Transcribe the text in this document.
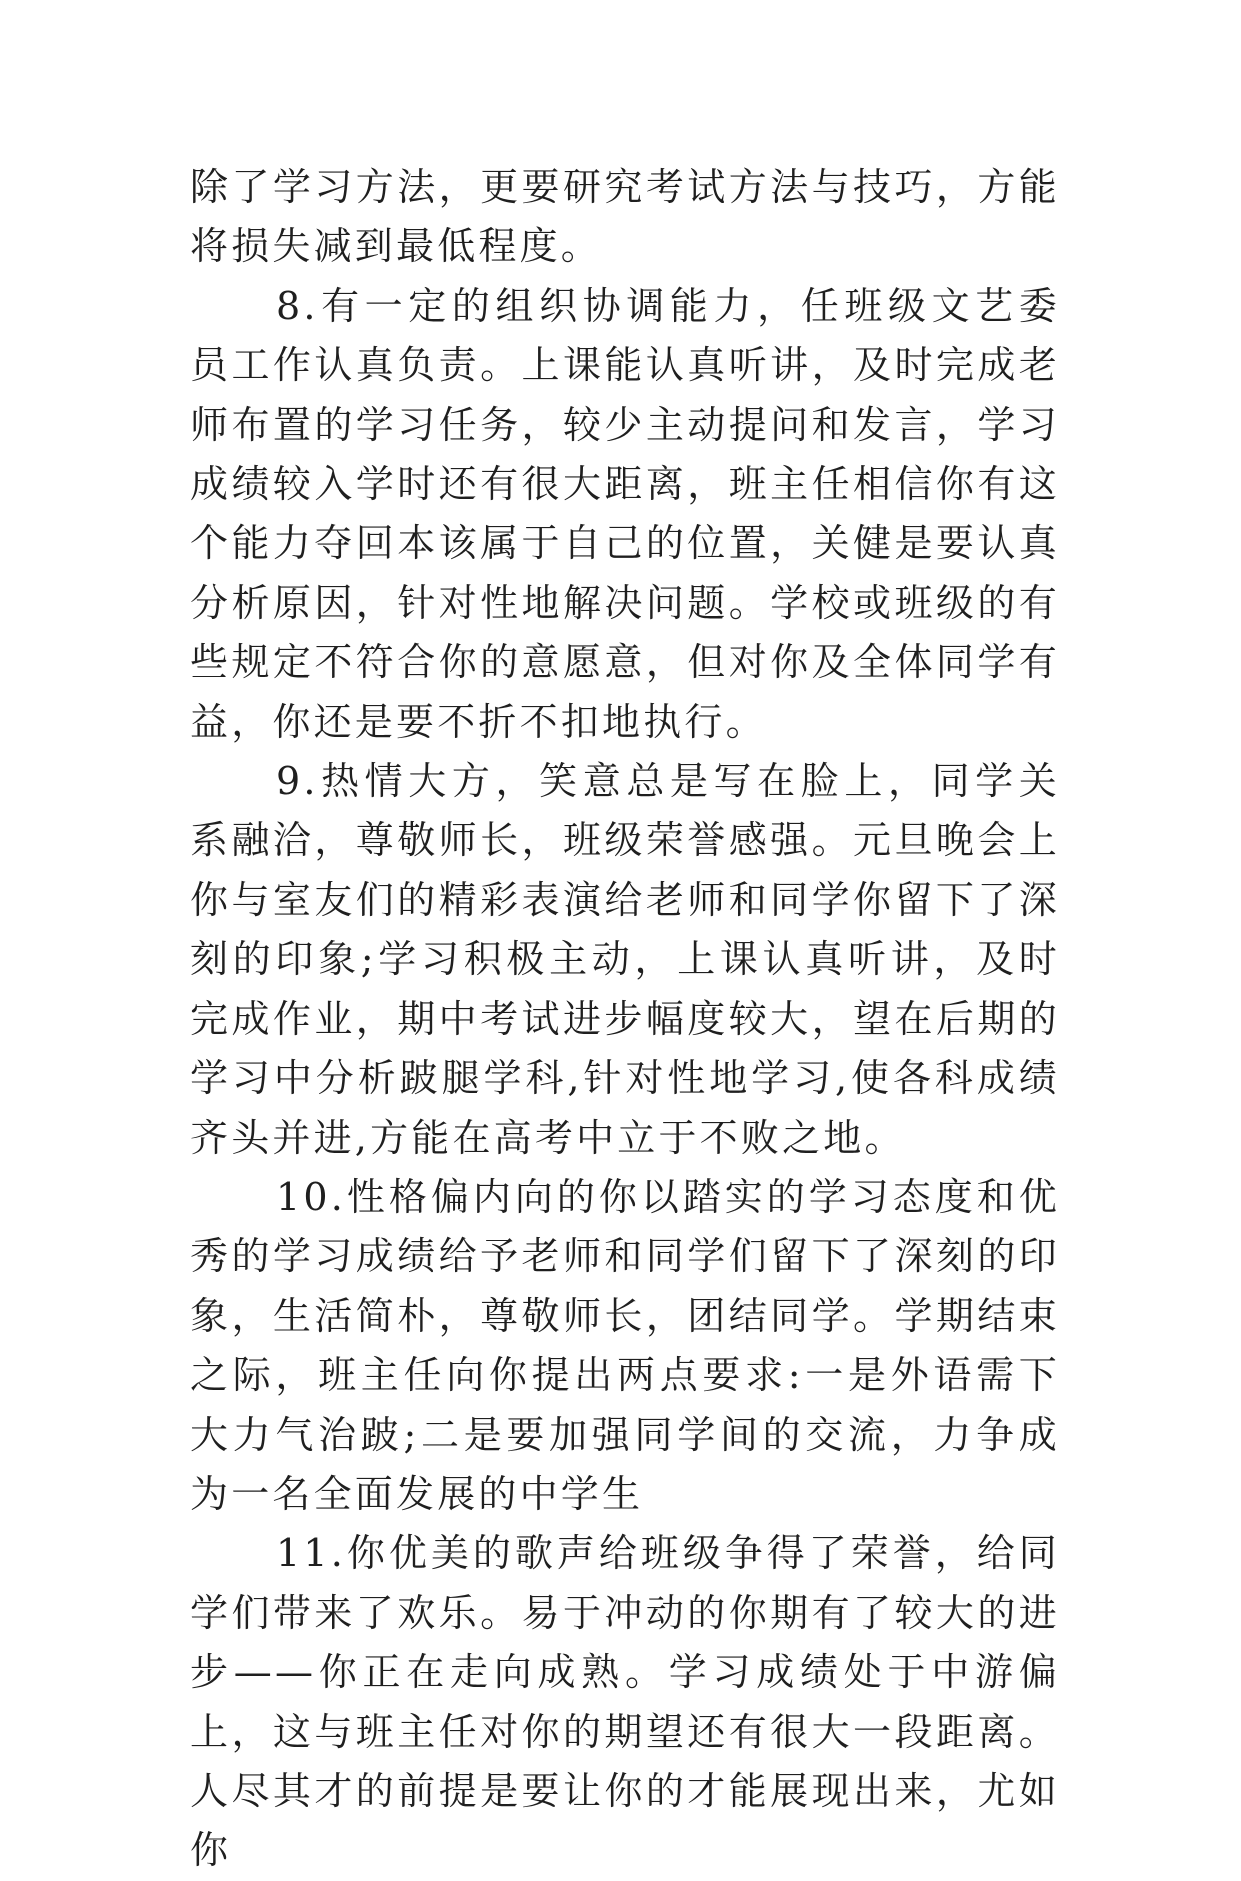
除了学习方法，更要研究考试方法与技巧，方能将损失减到最低程度。

8.有一定的组织协调能力，任班级文艺委员工作认真负责。上课能认真听讲，及时完成老师布置的学习任务，较少主动提问和发言，学习成绩较入学时还有很大距离，班主任相信你有这个能力夺回本该属于自己的位置，关健是要认真分析原因，针对性地解决问题。学校或班级的有些规定不符合你的意愿意，但对你及全体同学有益，你还是要不折不扣地执行。

9.热情大方，笑意总是写在脸上，同学关系融洽，尊敬师长，班级荣誉感强。元旦晚会上你与室友们的精彩表演给老师和同学你留下了深刻的印象;学习积极主动，上课认真听讲，及时完成作业，期中考试进步幅度较大，望在后期的学习中分析跛腿学科,针对性地学习,使各科成绩齐头并进,方能在高考中立于不败之地。

10.性格偏内向的你以踏实的学习态度和优秀的学习成绩给予老师和同学们留下了深刻的印象，生活简朴，尊敬师长，团结同学。学期结束之际，班主任向你提出两点要求:一是外语需下大力气治跛;二是要加强同学间的交流，力争成为一名全面发展的中学生

11.你优美的歌声给班级争得了荣誉，给同学们带来了欢乐。易于冲动的你期有了较大的进步——你正在走向成熟。学习成绩处于中游偏上，这与班主任对你的期望还有很大一段距离。人尽其才的前提是要让你的才能展现出来，尤如你
